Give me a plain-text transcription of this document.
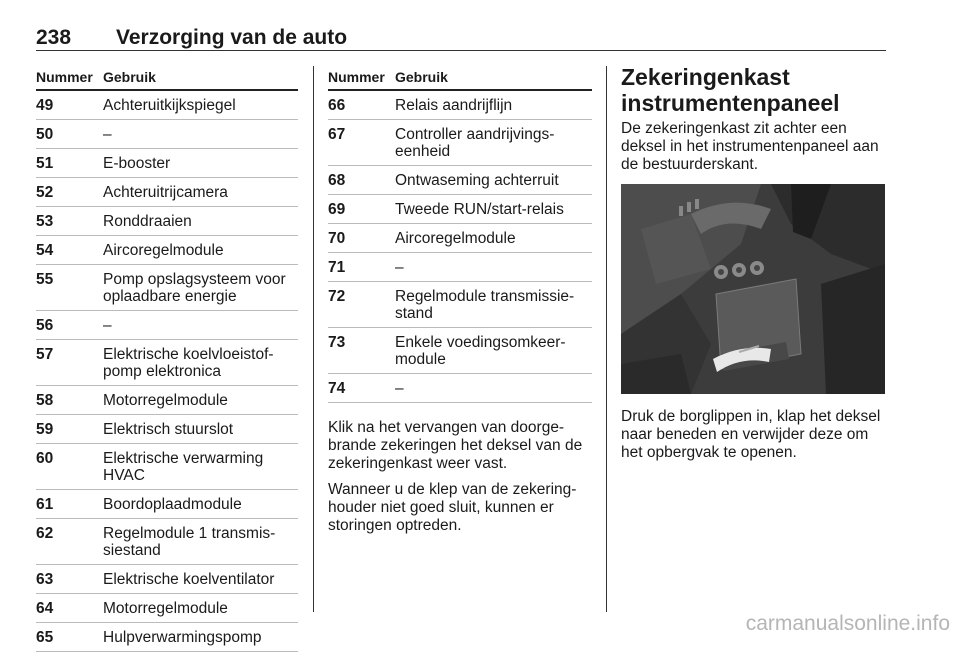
238 Verzorging van de auto
Nummer Gebruik
49	Achteruitkijkspiegel
50	–
51	E-booster
52	Achteruitrijcamera
53	Ronddraaien
54	Aircoregelmodule
55	Pomp opslagsysteem voor oplaadbare energie
56	–
57	Elektrische koelvloeistof-pomp elektronica
58	Motorregelmodule
59	Elektrisch stuurslot
60	Elektrische verwarming HVAC
61	Boordoplaadmodule
62	Regelmodule 1 transmis-siestand
63	Elektrische koelventilator
64	Motorregelmodule
65	Hulpverwarmingspomp
Nummer Gebruik
66	Relais aandrijflijn
67	Controller aandrijvings-eenheid
68	Ontwaseming achterruit
69	Tweede RUN/start-relais
70	Aircoregelmodule
71	–
72	Regelmodule transmissie-stand
73	Enkele voedingsomkeer-module
74	–

Klik na het vervangen van doorge-brande zekeringen het deksel van de zekeringenkast weer vast.

Wanneer u de klep van de zekering-houder niet goed sluit, kunnen er storingen optreden.

Zekeringenkast instrumentenpaneel

De zekeringenkast zit achter een deksel in het instrumentenpaneel aan de bestuurderskant.

Druk de borglippen in, klap het deksel naar beneden en verwijder deze om het opbergvak te openen.

carmanualsonline.info
